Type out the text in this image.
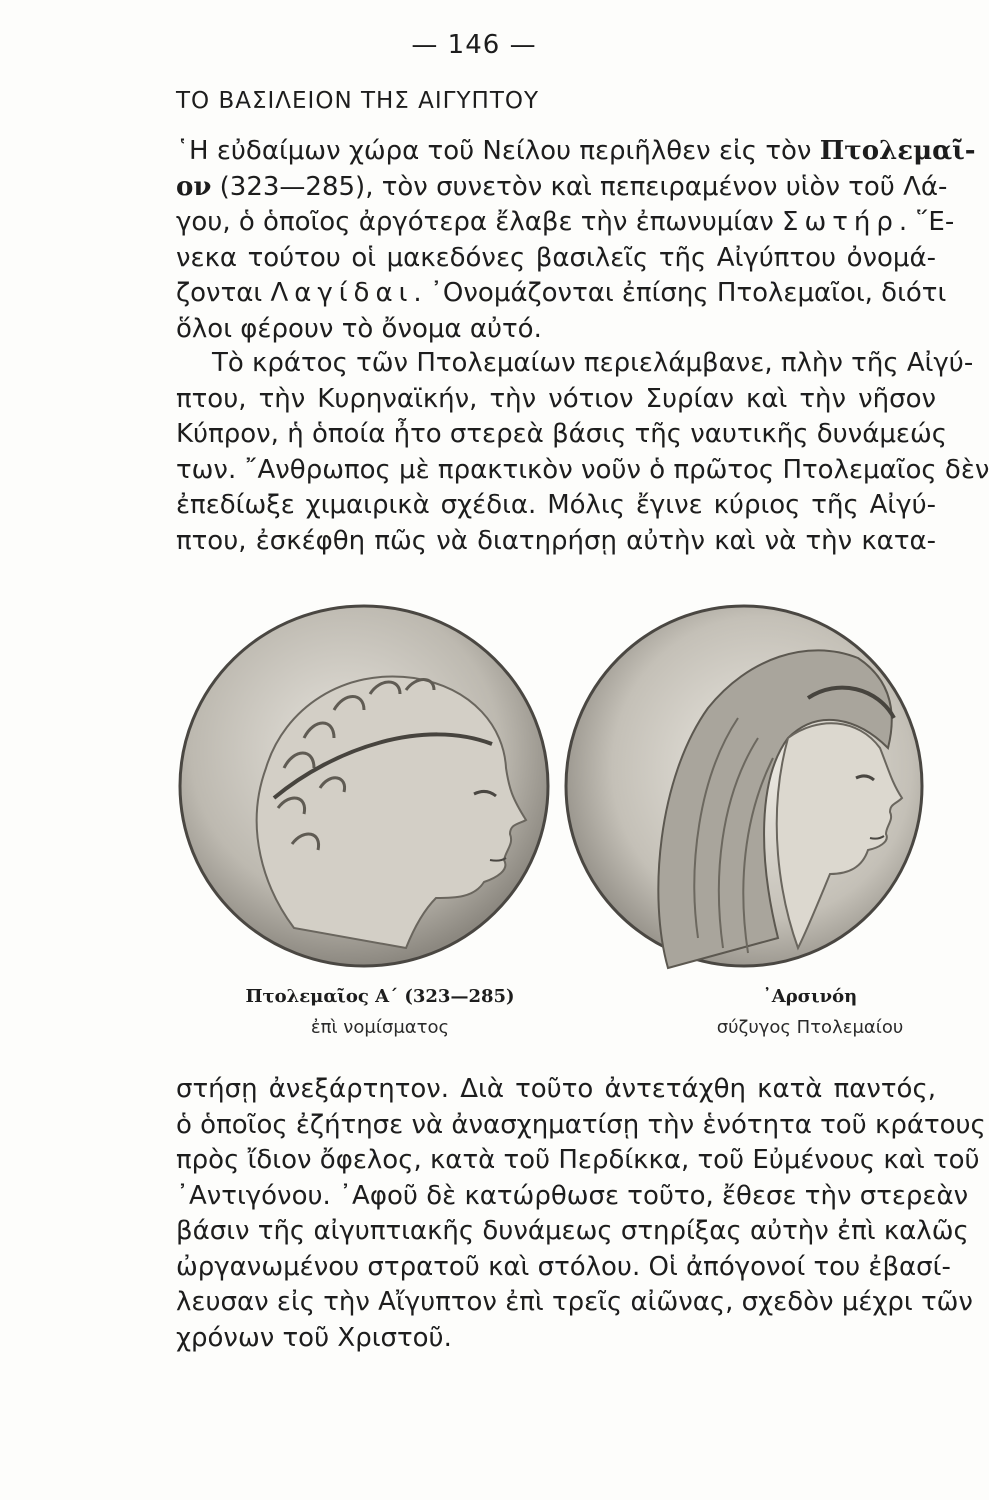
— 146 —
ΤΟ ΒΑΣΙΛΕΙΟΝ ΤΗΣ ΑΙΓΥΠΤΟΥ
῾Η εὐδαίμων χώρα τοῦ Νείλου περιῆλθεν εἰς τὸν Πτολεμαῖ-
ον (323—285), τὸν συνετὸν καὶ πεπειραμένον υἱὸν τοῦ Λά-
γου, ὁ ὁποῖος ἀργότερα ἔλαβε τὴν ἐπωνυμίαν Σωτήρ. ῞Ε-
νεκα τούτου οἱ μακεδόνες βασιλεῖς τῆς Αἰγύπτου ὀνομά-
ζονται Λαγίδαι. ᾿Ονομάζονται ἐπίσης Πτολεμαῖοι, διότι
ὅλοι φέρουν τὸ ὄνομα αὐτό.
Τὸ κράτος τῶν Πτολεμαίων περιελάμβανε, πλὴν τῆς Αἰγύ-
πτου, τὴν Κυρηναϊκήν, τὴν νότιον Συρίαν καὶ τὴν νῆσον
Κύπρον, ἡ ὁποία ἦτο στερεὰ βάσις τῆς ναυτικῆς δυνάμεώς
των. ῎Ανθρωπος μὲ πρακτικὸν νοῦν ὁ πρῶτος Πτολεμαῖος δὲν
ἐπεδίωξε χιμαιρικὰ σχέδια. Μόλις ἔγινε κύριος τῆς Αἰγύ-
πτου, ἐσκέφθη πῶς νὰ διατηρήσῃ αὐτὴν καὶ νὰ τὴν κατα-
Πτολεμαῖος Α΄ (323—285)
ἐπὶ νομίσματος
᾿Αρσινόη
σύζυγος Πτολεμαίου
στήσῃ ἀνεξάρτητον. Διὰ τοῦτο ἀντετάχθη κατὰ παντός,
ὁ ὁποῖος ἐζήτησε νὰ ἀνασχηματίσῃ τὴν ἑνότητα τοῦ κράτους
πρὸς ἴδιον ὄφελος, κατὰ τοῦ Περδίκκα, τοῦ Εὐμένους καὶ τοῦ
᾿Αντιγόνου. ᾿Αφοῦ δὲ κατώρθωσε τοῦτο, ἔθεσε τὴν στερεὰν
βάσιν τῆς αἰγυπτιακῆς δυνάμεως στηρίξας αὐτὴν ἐπὶ καλῶς
ὠργανωμένου στρατοῦ καὶ στόλου. Οἱ ἀπόγονοί του ἐβασί-
λευσαν εἰς τὴν Αἴγυπτον ἐπὶ τρεῖς αἰῶνας, σχεδὸν μέχρι τῶν
χρόνων τοῦ Χριστοῦ.
